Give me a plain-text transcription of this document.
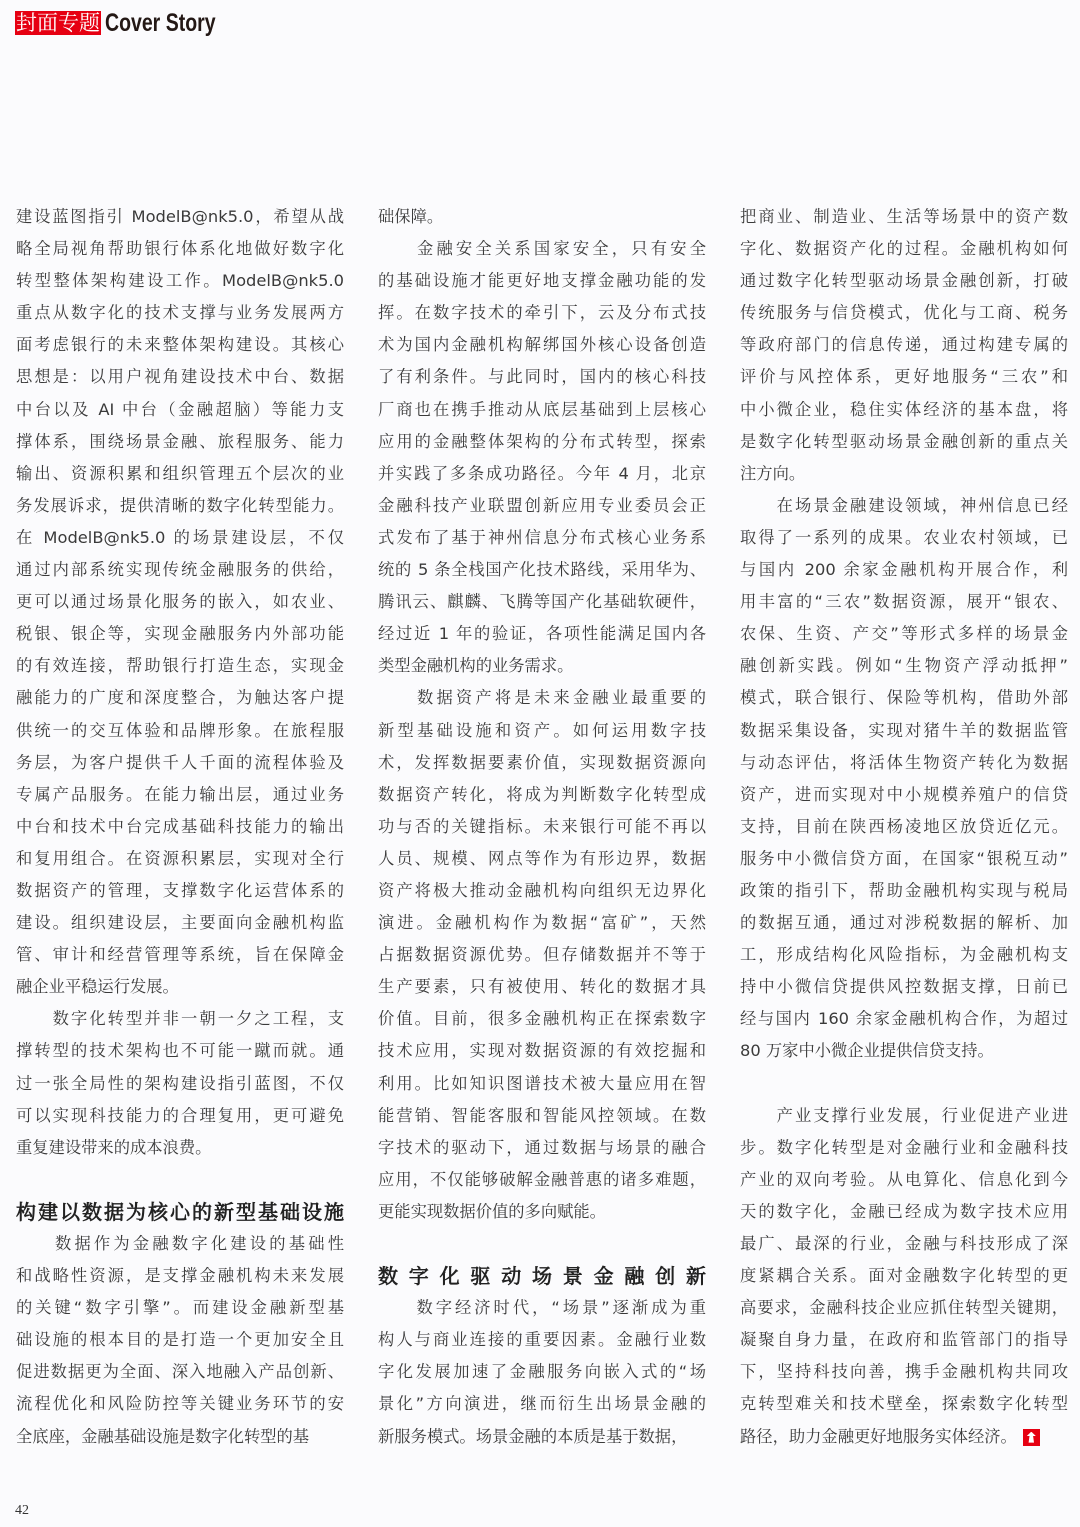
封面专题 Cover Story
建设蓝图指引 ModelB@nk5.0，希望从战
略全局视角帮助银行体系化地做好数字化
转型整体架构建设工作。ModelB@nk5.0
重点从数字化的技术支撑与业务发展两方
面考虑银行的未来整体架构建设。其核心
思想是：以用户视角建设技术中台、数据
中台以及 AI 中台（金融超脑）等能力支
撑体系，围绕场景金融、旅程服务、能力
输出、资源积累和组织管理五个层次的业
务发展诉求，提供清晰的数字化转型能力。
在 ModelB@nk5.0 的场景建设层，不仅
通过内部系统实现传统金融服务的供给，
更可以通过场景化服务的嵌入，如农业、
税银、银企等，实现金融服务内外部功能
的有效连接，帮助银行打造生态，实现金
融能力的广度和深度整合，为触达客户提
供统一的交互体验和品牌形象。在旅程服
务层，为客户提供千人千面的流程体验及
专属产品服务。在能力输出层，通过业务
中台和技术中台完成基础科技能力的输出
和复用组合。在资源积累层，实现对全行
数据资产的管理，支撑数字化运营体系的
建设。组织建设层，主要面向金融机构监
管、审计和经营管理等系统，旨在保障金
融企业平稳运行发展。
　　数字化转型并非一朝一夕之工程，支
撑转型的技术架构也不可能一蹴而就。通
过一张全局性的架构建设指引蓝图，不仅
可以实现科技能力的合理复用，更可避免
重复建设带来的成本浪费。
构建以数据为核心的新型基础设施
　　数据作为金融数字化建设的基础性
和战略性资源，是支撑金融机构未来发展
的关键“数字引擎”。而建设金融新型基
础设施的根本目的是打造一个更加安全且
促进数据更为全面、深入地融入产品创新、
流程优化和风险防控等关键业务环节的安
全底座，金融基础设施是数字化转型的基
础保障。
　　金融安全关系国家安全，只有安全
的基础设施才能更好地支撑金融功能的发
挥。在数字技术的牵引下，云及分布式技
术为国内金融机构解绑国外核心设备创造
了有利条件。与此同时，国内的核心科技
厂商也在携手推动从底层基础到上层核心
应用的金融整体架构的分布式转型，探索
并实践了多条成功路径。今年 4 月，北京
金融科技产业联盟创新应用专业委员会正
式发布了基于神州信息分布式核心业务系
统的 5 条全栈国产化技术路线，采用华为、
腾讯云、麒麟、飞腾等国产化基础软硬件，
经过近 1 年的验证，各项性能满足国内各
类型金融机构的业务需求。
　　数据资产将是未来金融业最重要的
新型基础设施和资产。如何运用数字技
术，发挥数据要素价值，实现数据资源向
数据资产转化，将成为判断数字化转型成
功与否的关键指标。未来银行可能不再以
人员、规模、网点等作为有形边界，数据
资产将极大推动金融机构向组织无边界化
演进。金融机构作为数据“富矿”，天然
占据数据资源优势。但存储数据并不等于
生产要素，只有被使用、转化的数据才具
价值。目前，很多金融机构正在探索数字
技术应用，实现对数据资源的有效挖掘和
利用。比如知识图谱技术被大量应用在智
能营销、智能客服和智能风控领域。在数
字技术的驱动下，通过数据与场景的融合
应用，不仅能够破解金融普惠的诸多难题，
更能实现数据价值的多向赋能。
数字化驱动场景金融创新
　　数字经济时代，“场景”逐渐成为重
构人与商业连接的重要因素。金融行业数
字化发展加速了金融服务向嵌入式的“场
景化”方向演进，继而衍生出场景金融的
新服务模式。场景金融的本质是基于数据，
把商业、制造业、生活等场景中的资产数
字化、数据资产化的过程。金融机构如何
通过数字化转型驱动场景金融创新，打破
传统服务与信贷模式，优化与工商、税务
等政府部门的信息传递，通过构建专属的
评价与风控体系，更好地服务“三农”和
中小微企业，稳住实体经济的基本盘，将
是数字化转型驱动场景金融创新的重点关
注方向。
　　在场景金融建设领域，神州信息已经
取得了一系列的成果。农业农村领域，已
与国内 200 余家金融机构开展合作，利
用丰富的“三农”数据资源，展开“银农、
农保、生资、产交”等形式多样的场景金
融创新实践。例如“生物资产浮动抵押”
模式，联合银行、保险等机构，借助外部
数据采集设备，实现对猪牛羊的数据监管
与动态评估，将活体生物资产转化为数据
资产，进而实现对中小规模养殖户的信贷
支持，目前在陕西杨凌地区放贷近亿元。
服务中小微信贷方面，在国家“银税互动”
政策的指引下，帮助金融机构实现与税局
的数据互通，通过对涉税数据的解析、加
工，形成结构化风险指标，为金融机构支
持中小微信贷提供风控数据支撑，日前已
经与国内 160 余家金融机构合作，为超过
80 万家中小微企业提供信贷支持。
　　产业支撑行业发展，行业促进产业进
步。数字化转型是对金融行业和金融科技
产业的双向考验。从电算化、信息化到今
天的数字化，金融已经成为数字技术应用
最广、最深的行业，金融与科技形成了深
度紧耦合关系。面对金融数字化转型的更
高要求，金融科技企业应抓住转型关键期，
凝聚自身力量，在政府和监管部门的指导
下，坚持科技向善，携手金融机构共同攻
克转型难关和技术壁垒，探索数字化转型
路径，助力金融更好地服务实体经济。
42
